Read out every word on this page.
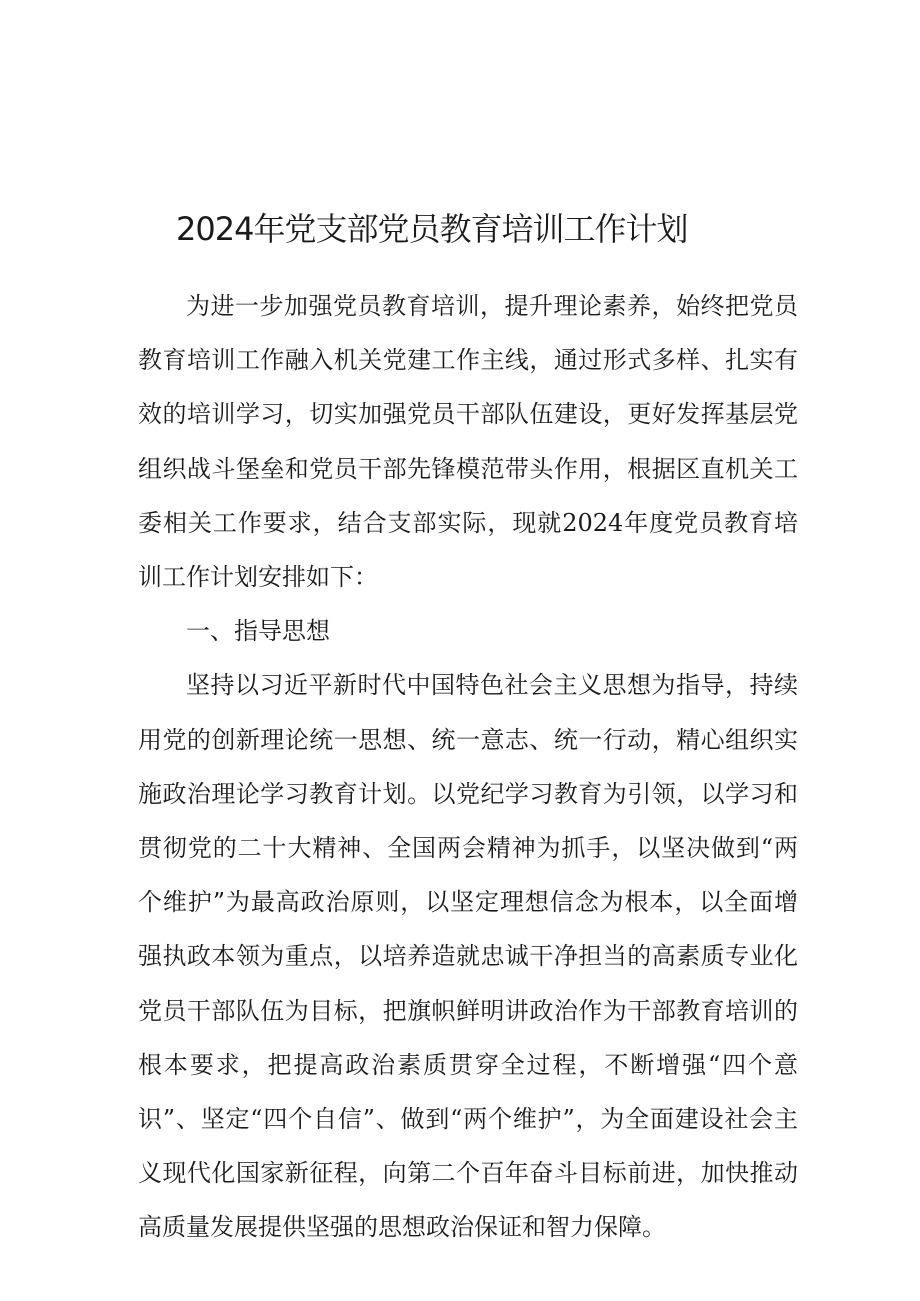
2024年党支部党员教育培训工作计划

为进一步加强党员教育培训，提升理论素养，始终把党员教育培训工作融入机关党建工作主线，通过形式多样、扎实有效的培训学习，切实加强党员干部队伍建设，更好发挥基层党组织战斗堡垒和党员干部先锋模范带头作用，根据区直机关工委相关工作要求，结合支部实际，现就2024年度党员教育培训工作计划安排如下：

一、指导思想

坚持以习近平新时代中国特色社会主义思想为指导，持续用党的创新理论统一思想、统一意志、统一行动，精心组织实施政治理论学习教育计划。以党纪学习教育为引领，以学习和贯彻党的二十大精神、全国两会精神为抓手，以坚决做到“两个维护”为最高政治原则，以坚定理想信念为根本，以全面增强执政本领为重点，以培养造就忠诚干净担当的高素质专业化党员干部队伍为目标，把旗帜鲜明讲政治作为干部教育培训的根本要求，把提高政治素质贯穿全过程，不断增强“四个意识”、坚定“四个自信”、做到“两个维护”，为全面建设社会主义现代化国家新征程，向第二个百年奋斗目标前进，加快推动高质量发展提供坚强的思想政治保证和智力保障。
